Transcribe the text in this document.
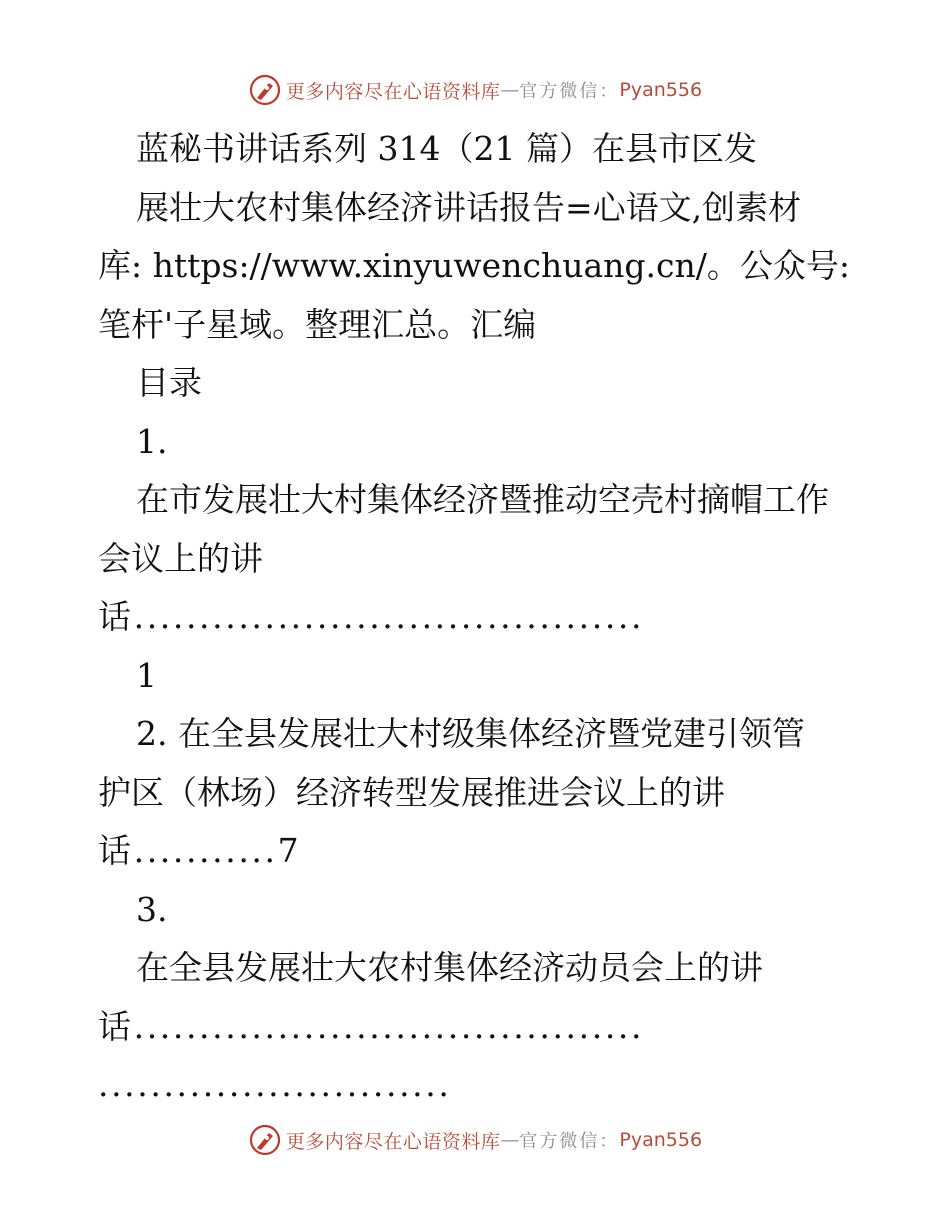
更多内容尽在心语资料库 — 官方微信： Pyan556

蓝秘书讲话系列 314（21 篇）在县市区发

展壮大农村集体经济讲话报告=心语文,创素材

库: https://www.xinyuwenchuang.cn/。公众号:

笔杆'子星域。整理汇总。汇编

目录

1.

在市发展壮大村集体经济暨推动空壳村摘帽工作

会议上的讲

话.......................................

1

2. 在全县发展壮大村级集体经济暨党建引领管

护区（林场）经济转型发展推进会议上的讲

话...........7

3.

在全县发展壮大农村集体经济动员会上的讲

话.......................................

...........................

更多内容尽在心语资料库 — 官方微信： Pyan556
